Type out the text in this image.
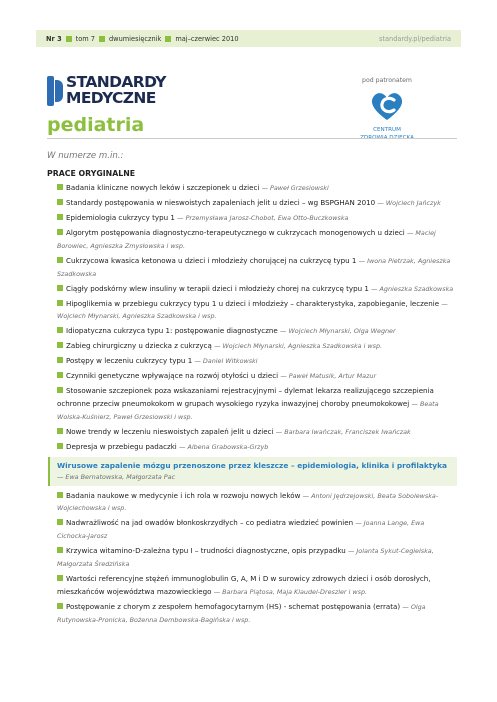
Nr 3 tom 7 dwumiesięcznik maj–czerwiec 2010	standardy.pl/pediatria
STANDARDY
MEDYCZNE
pediatria
pod patronatem
CENTRUM
W numerze m.in.:
PRACE ORYGINALNE
Badania kliniczne nowych leków i szczepionek u dzieci — Paweł Grzesiowski
Standardy postępowania w nieswoistych zapaleniach jelit u dzieci – wg BSPGHAN 2010 — Wojciech Jańczyk
Epidemiologia cukrzycy typu 1 — Przemysława Jarosz-Chobot, Ewa Otto-Buczkowska
Algorytm postępowania diagnostyczno-terapeutycznego w cukrzycach monogenowych u dzieci — Maciej Borowiec, Agnieszka Zmysłowska i wsp.
Cukrzycowa kwasica ketonowa u dzieci i młodzieży chorującej na cukrzycę typu 1 — Iwona Pietrzak, Agnieszka Szadkowska
Ciągły podskórny wlew insuliny w terapii dzieci i młodzieży chorej na cukrzycę typu 1 — Agnieszka Szadkowska
Hipoglikemia w przebiegu cukrzycy typu 1 u dzieci i młodzieży – charakterystyka, zapobieganie, leczenie — Wojciech Młynarski, Agnieszka Szadkowska i wsp.
Idiopatyczna cukrzyca typu 1: postępowanie diagnostyczne — Wojciech Młynarski, Olga Wegner
Zabieg chirurgiczny u dziecka z cukrzycą — Wojciech Młynarski, Agnieszka Szadkowska i wsp.
Postępy w leczeniu cukrzycy typu 1 — Daniel Witkowski
Czynniki genetyczne wpływające na rozwój otyłości u dzieci — Paweł Matusik, Artur Mazur
Stosowanie szczepionek poza wskazaniami rejestracyjnymi – dylemat lekarza realizującego szczepienia ochronne przeciw pneumokokom w grupach wysokiego ryzyka inwazyjnej choroby pneumokokowej — Beata Wolska-Kuśnierz, Paweł Grzesiowski i wsp.
Nowe trendy w leczeniu nieswoistych zapaleń jelit u dzieci — Barbara Iwańczak, Franciszek Iwańczak
Depresja w przebiegu padaczki — Albena Grabowska-Grzyb
Wirusowe zapalenie mózgu przenoszone przez kleszcze – epidemiologia, klinika i profilaktyka
— Ewa Bernatowska, Małgorzata Pac
Badania naukowe w medycynie i ich rola w rozwoju nowych leków — Antoni Jędrzejowski, Beata Sobolewska-Wojciechowska i wsp.
Nadwrażliwość na jad owadów błonkoskrzydłych – co pediatra wiedzieć powinien — Joanna Lange, Ewa Cichocka-Jarosz
Krzywica witamino-D-zależna typu I – trudności diagnostyczne, opis przypadku — Jolanta Sykut-Cegielska, Małgorzata Średzińska
Wartości referencyjne stężeń immunoglobulin G, A, M i D w surowicy zdrowych dzieci i osób dorosłych, mieszkańców województwa mazowieckiego — Barbara Piątosa, Maja Klaudel-Dreszler i wsp.
Postępowanie z chorym z zespołem hemofagocytarnym (HS) - schemat postępowania (errata) — Olga Rutynowska-Pronicka, Bożenna Dembowska-Bagińska i wsp.
